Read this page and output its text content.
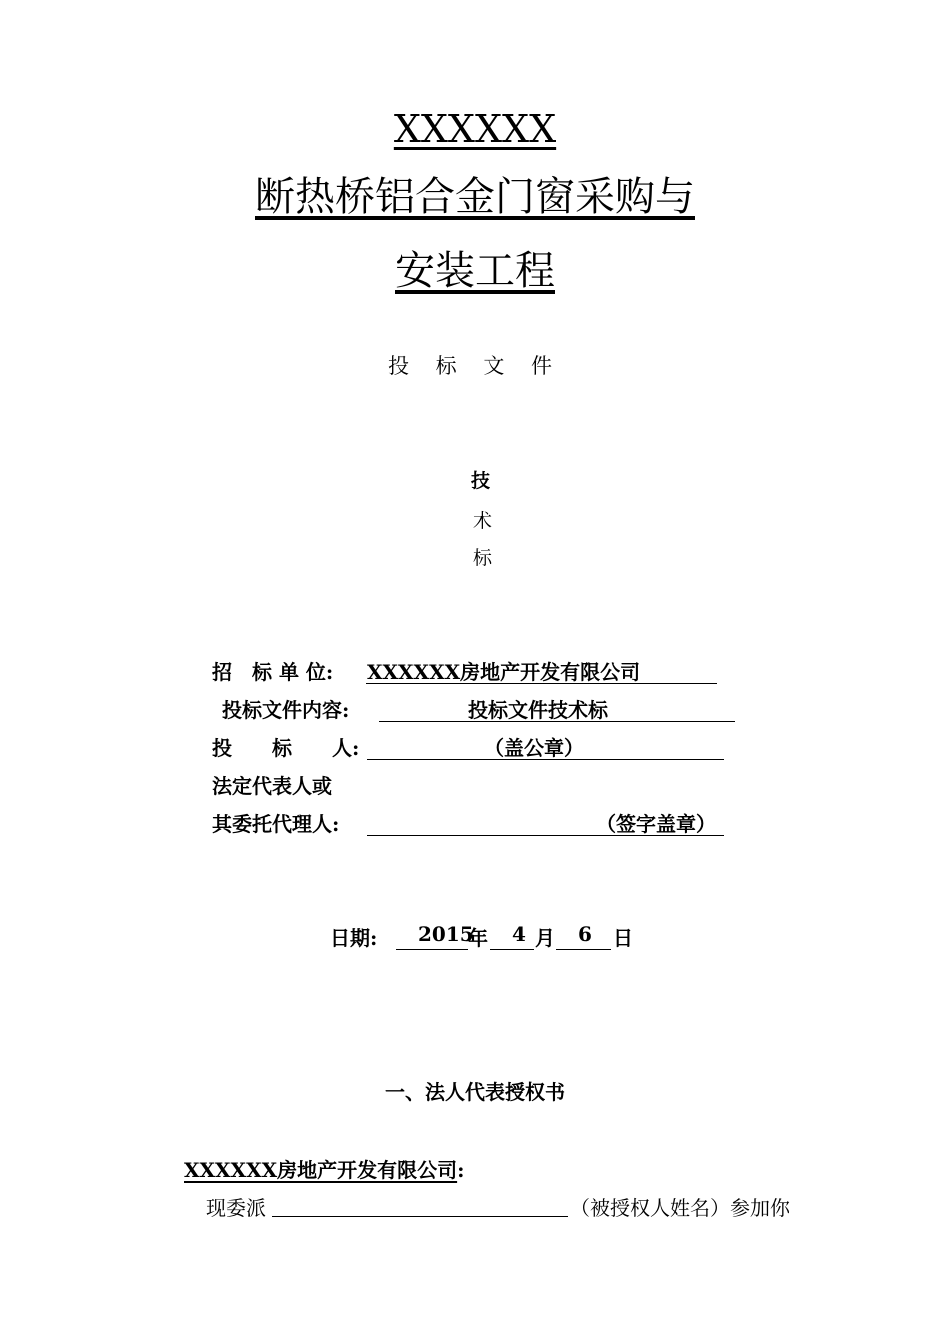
XXXXXX
断热桥铝合金门窗采购与
安装工程
投 标 文 件
技
术
标
招　标 单 位: XXXXXX房地产开发有限公司
投标文件内容:	投标文件技术标
投　　标　　人:	（盖公章）
法定代表人或
其委托代理人:	（签字盖章）
日期: 2015
年 4 月 6 日
一、法人代表授权书
XXXXXX房地产开发有限公司:
现委派	（被授权人姓名）参加你
